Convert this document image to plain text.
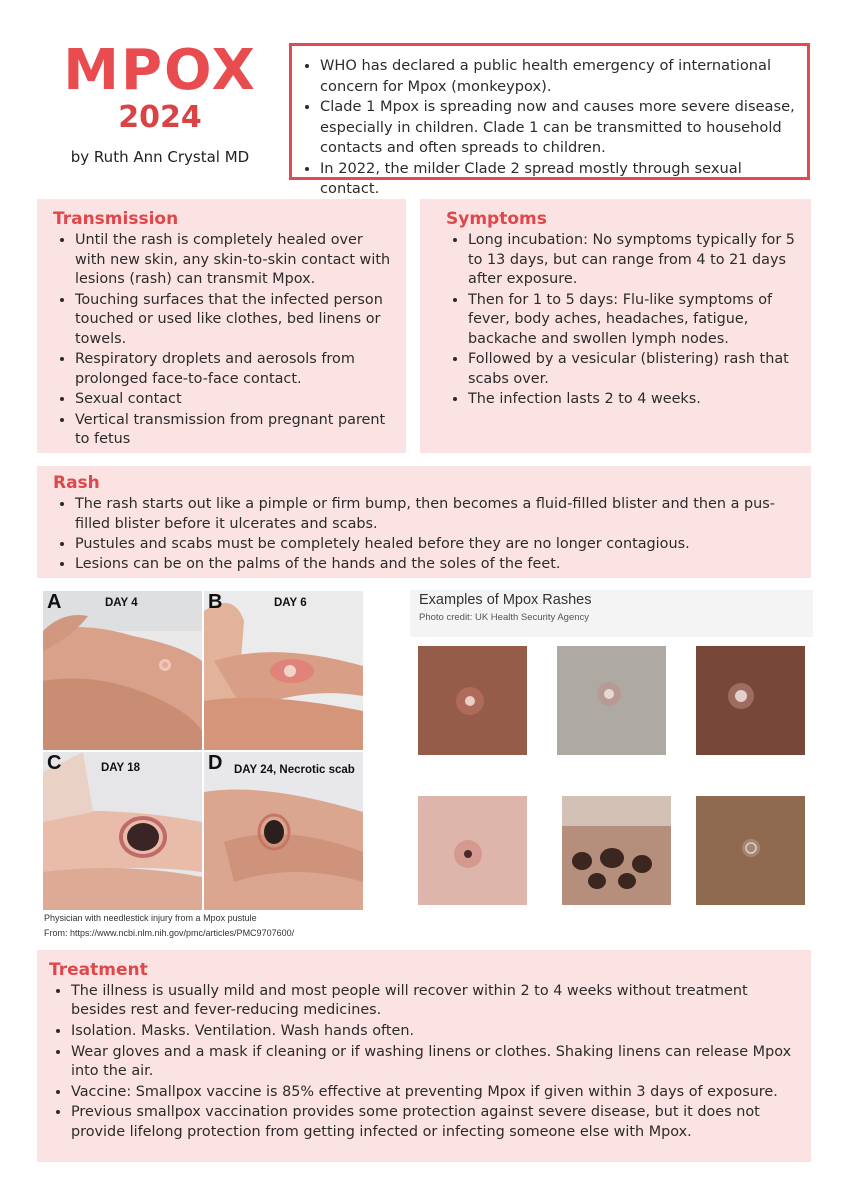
MPOX
2024
by Ruth Ann Crystal MD
• WHO has declared a public health emergency of international concern for Mpox (monkeypox).
• Clade 1 Mpox is spreading now and causes more severe disease, especially in children. Clade 1 can be transmitted to household contacts and often spreads to children.
• In 2022, the milder Clade 2 spread mostly through sexual contact.
Transmission
• Until the rash is completely healed over with new skin, any skin-to-skin contact with lesions (rash) can transmit Mpox.
• Touching surfaces that the infected person touched or used like clothes, bed linens or towels.
• Respiratory droplets and aerosols from prolonged face-to-face contact.
• Sexual contact
• Vertical transmission from pregnant parent to fetus
Symptoms
• Long incubation: No symptoms typically for 5 to 13 days, but can range from 4 to 21 days after exposure.
• Then for 1 to 5 days: Flu-like symptoms of fever, body aches, headaches, fatigue, backache and swollen lymph nodes.
• Followed by a vesicular (blistering) rash that scabs over.
• The infection lasts 2 to 4 weeks.
Rash
• The rash starts out like a pimple or firm bump, then becomes a fluid-filled blister and then a pus-filled blister before it ulcerates and scabs.
• Pustules and scabs must be completely healed before they are no longer contagious.
• Lesions can be on the palms of the hands and the soles of the feet.
A	DAY 4	B	DAY 6
C	DAY 18	D DAY 24, Necrotic scab
Physician with needlestick injury from a Mpox pustule
From: https://www.ncbi.nlm.nih.gov/pmc/articles/PMC9707600/
Examples of Mpox Rashes
Photo credit: UK Health Security Agency
Treatment
• The illness is usually mild and most people will recover within 2 to 4 weeks without treatment besides rest and fever-reducing medicines.
• Isolation. Masks. Ventilation. Wash hands often.
• Wear gloves and a mask if cleaning or if washing linens or clothes. Shaking linens can release Mpox into the air.
• Vaccine: Smallpox vaccine is 85% effective at preventing Mpox if given within 3 days of exposure.
• Previous smallpox vaccination provides some protection against severe disease, but it does not provide lifelong protection from getting infected or infecting someone else with Mpox.
